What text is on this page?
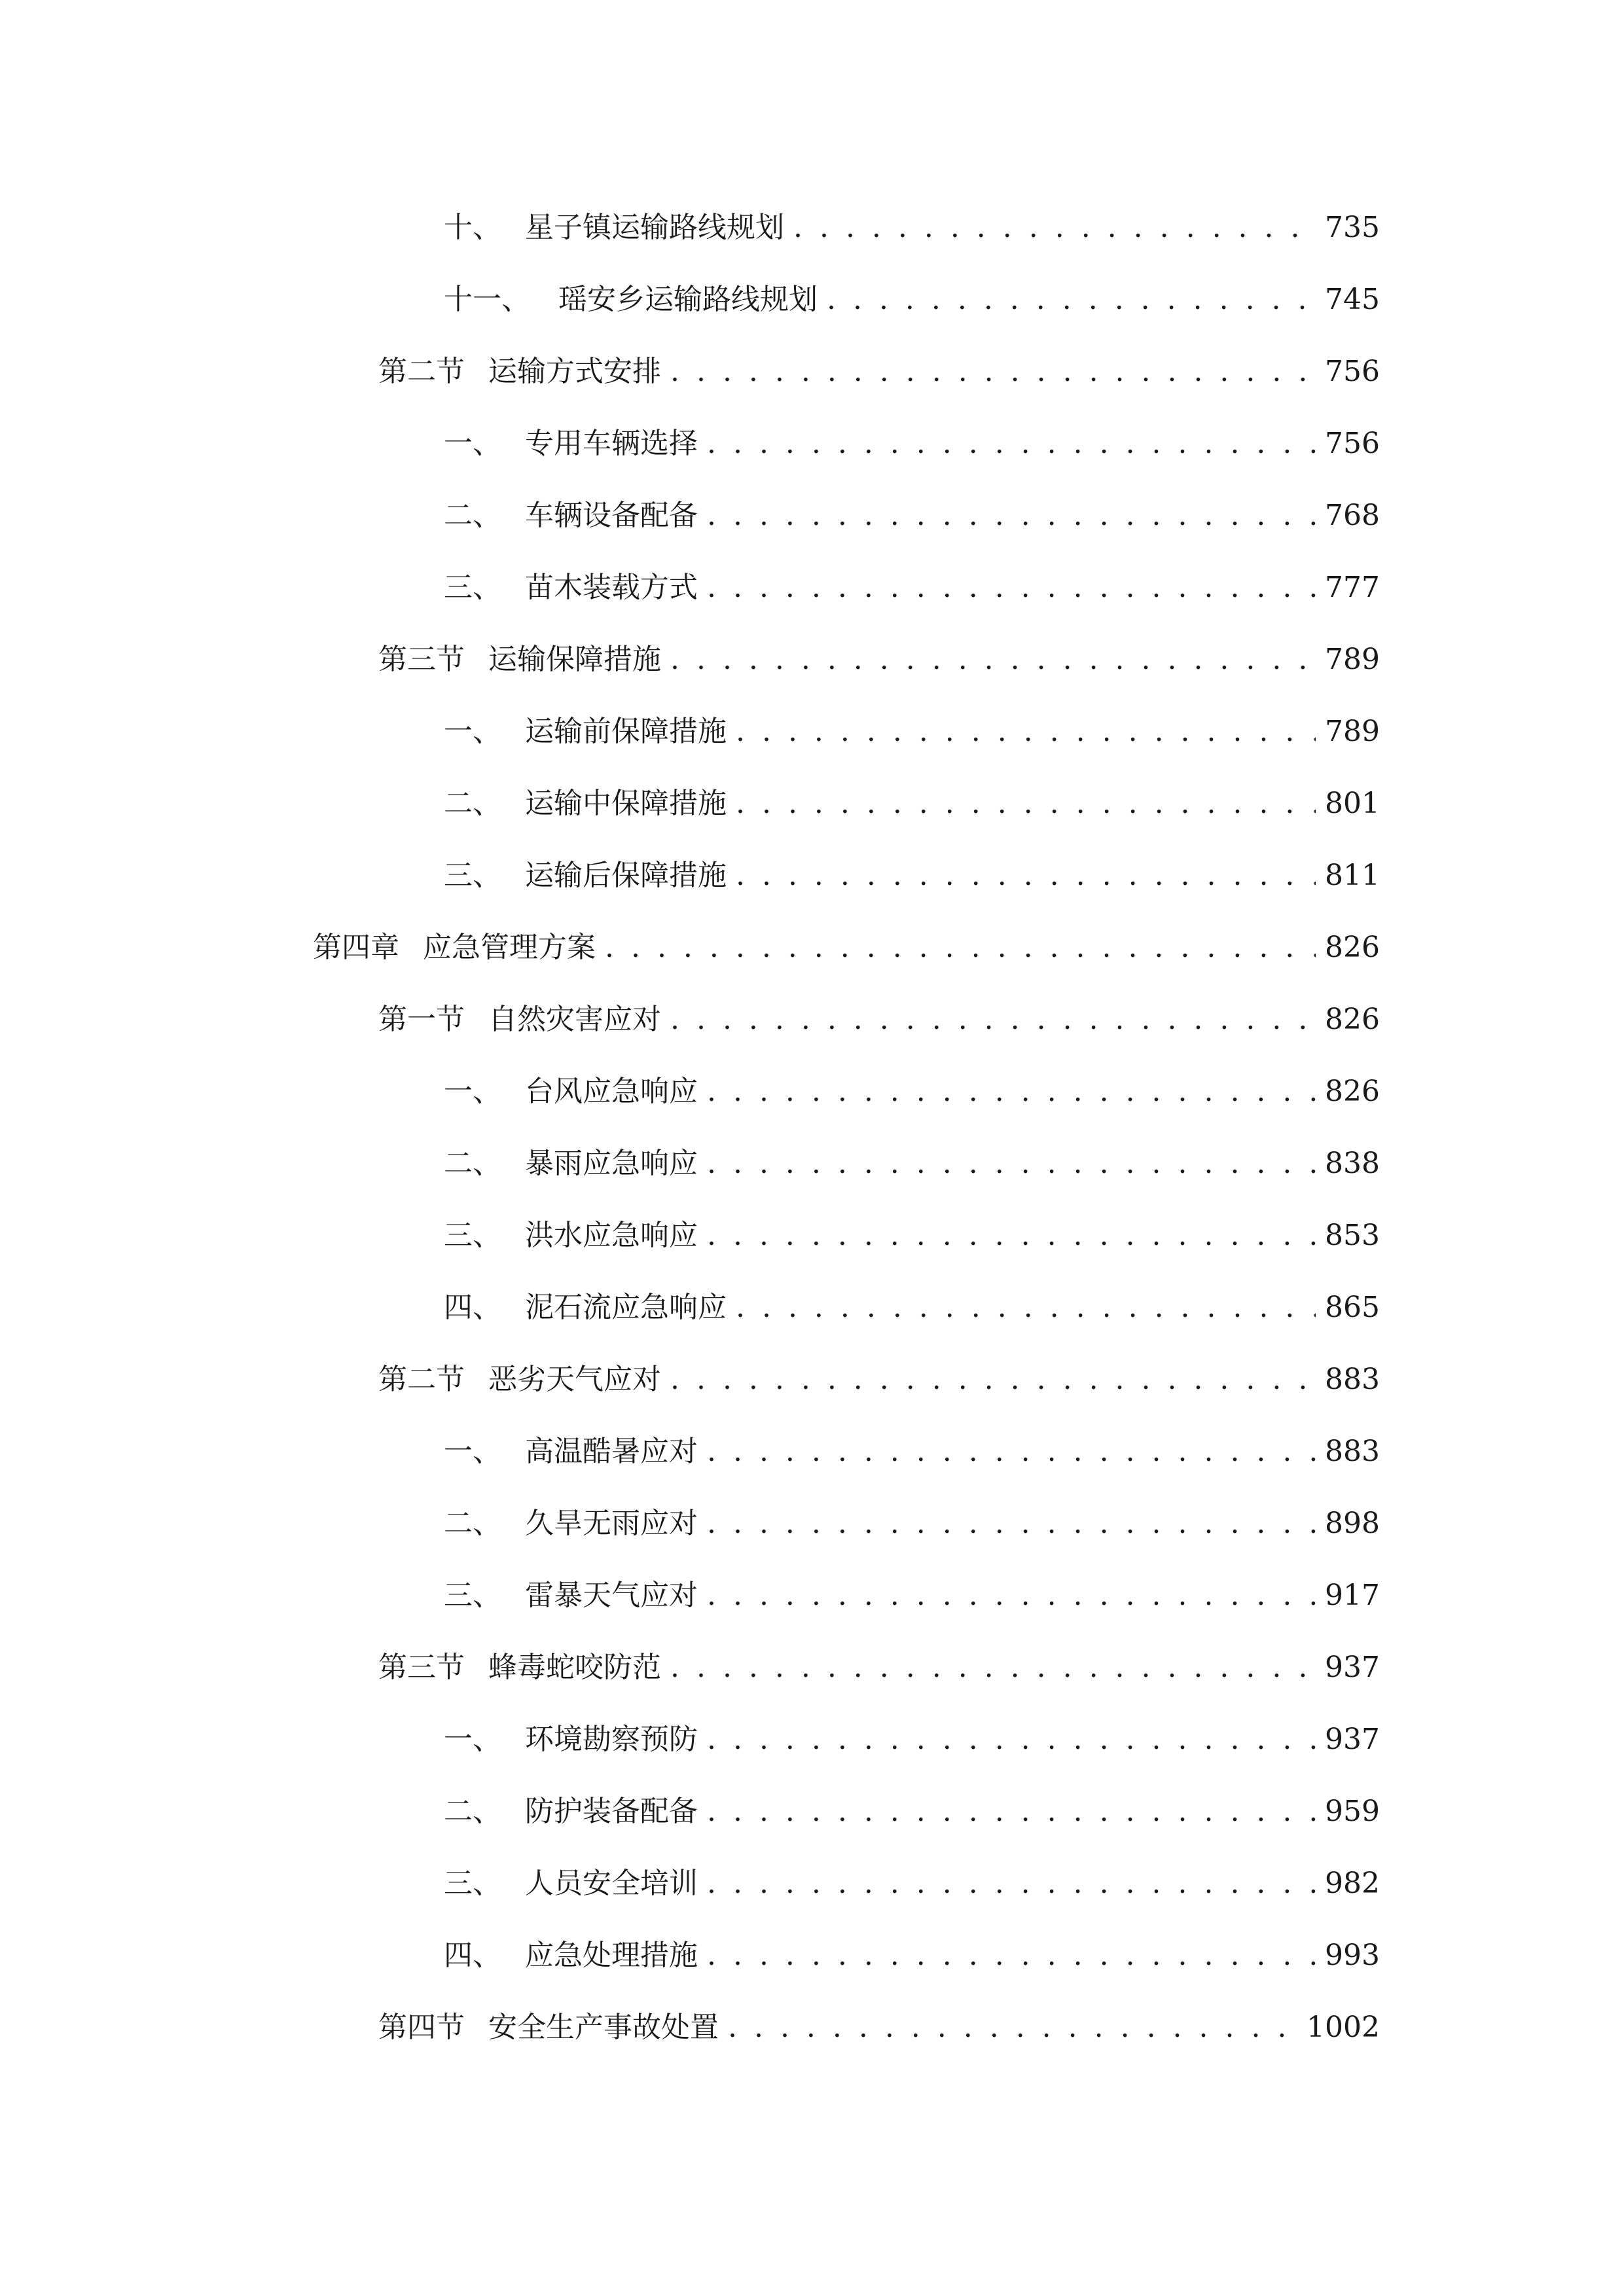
十、 星子镇运输路线规划 . . .	735
十一、 瑶安乡运输路线规划 . . .	745
第二节 运输方式安排 . . .	756
一、 专用车辆选择 . . .	756
二、 车辆设备配备 . . .	768
三、 苗木装载方式 . . .	777
第三节 运输保障措施 . . .	789
一、 运输前保障措施 . . .	789
二、 运输中保障措施 . . .	801
三、 运输后保障措施 . . .	811
第四章 应急管理方案 . . .	826
第一节 自然灾害应对 . . .	826
一、 台风应急响应 . . .	826
二、 暴雨应急响应 . . .	838
三、 洪水应急响应 . . .	853
四、 泥石流应急响应 . . .	865
第二节 恶劣天气应对 . . .	883
一、 高温酷暑应对 . . .	883
二、 久旱无雨应对 . . .	898
三、 雷暴天气应对 . . .	917
第三节 蜂毒蛇咬防范 . . .	937
一、 环境勘察预防 . . .	937
二、 防护装备配备 . . .	959
三、 人员安全培训 . . .	982
四、 应急处理措施 . . .	993
第四节 安全生产事故处置 . . .	1002
